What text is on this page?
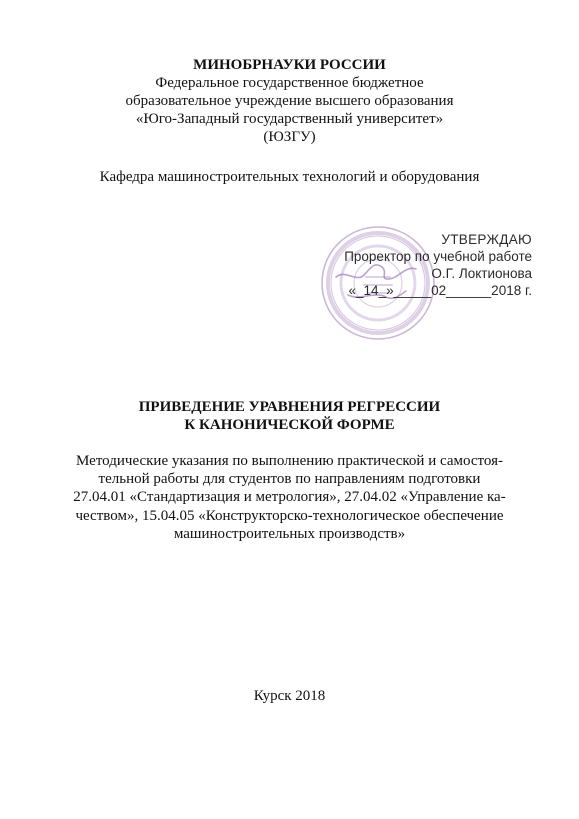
МИНОБРНАУКИ РОССИИ
Федеральное государственное бюджетное
образовательное учреждение высшего образования
«Юго-Западный государственный университет»
(ЮЗГУ)
Кафедра машиностроительных технологий и оборудования
УТВЕРЖДАЮ
Проректор по учебной работе
О.Г. Локтионова
«_14_»_____02______2018 г.
ПРИВЕДЕНИЕ УРАВНЕНИЯ РЕГРЕССИИ
К КАНОНИЧЕСКОЙ ФОРМЕ
Методические указания по выполнению практической и самостоя-
тельной работы для студентов по направлениям подготовки
27.04.01 «Стандартизация и метрология», 27.04.02 «Управление ка-
чеством», 15.04.05 «Конструкторско-технологическое обеспечение
машиностроительных производств»
Курск 2018
